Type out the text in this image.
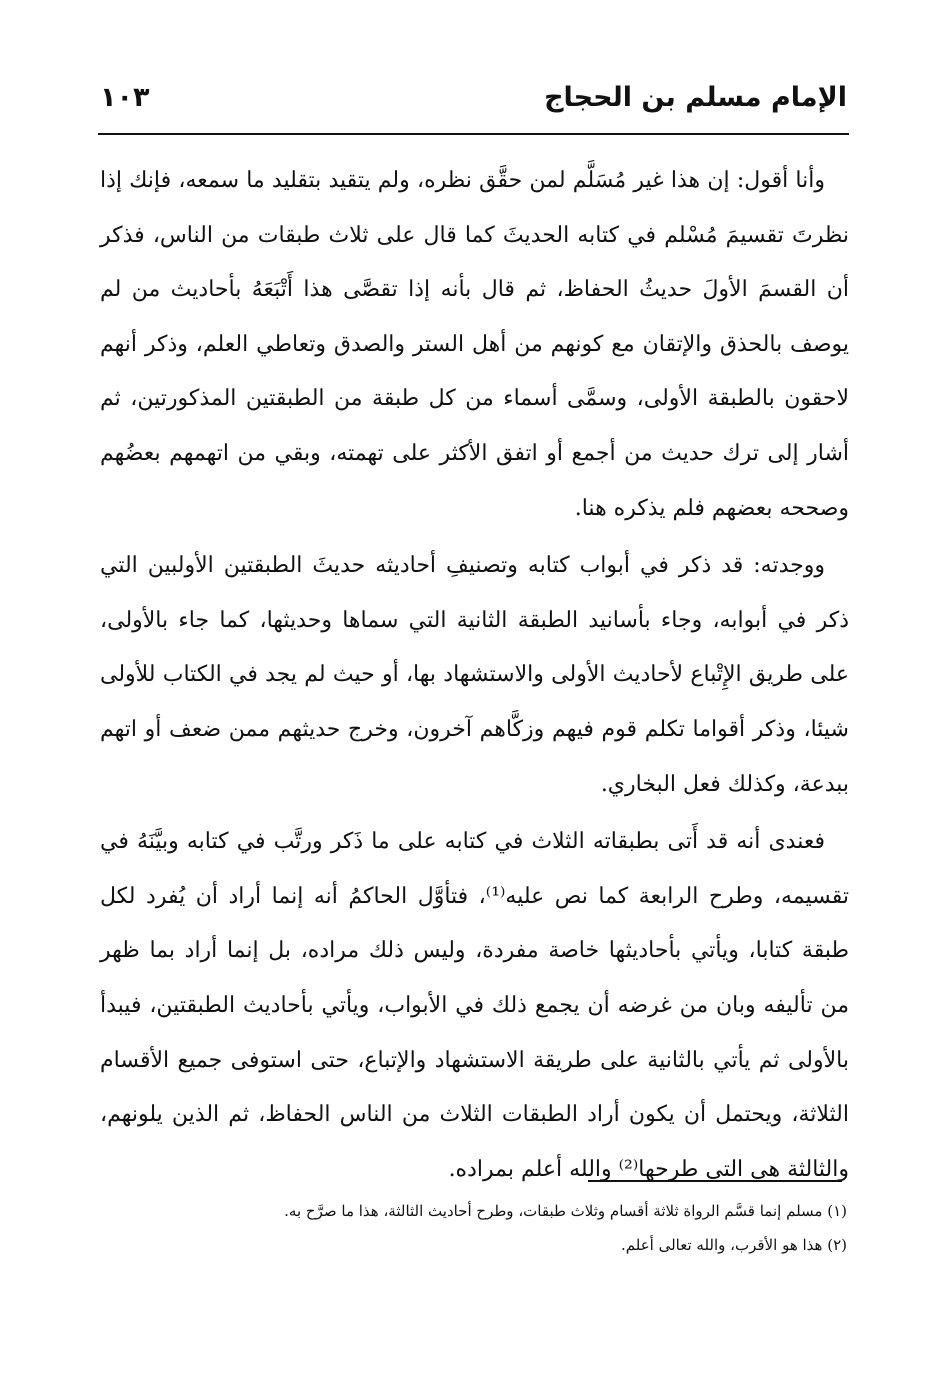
الإمام مسلم بن الحجاج
١٠٣

وأنا أقول: إن هذا غير مُسَلَّم لمن حقَّق نظره، ولم يتقيد بتقليد ما سمعه، فإنك إذا نظرتَ تقسيمَ مُسْلم في كتابه الحديثَ كما قال على ثلاث طبقات من الناس، فذكر أن القسمَ الأولَ حديثُ الحفاظ، ثم قال بأنه إذا تقصَّى هذا أَتْبَعَهُ بأحاديث من لم يوصف بالحذق والإتقان مع كونهم من أهل الستر والصدق وتعاطي العلم، وذكر أنهم لاحقون بالطبقة الأولى، وسمَّى أسماء من كل طبقة من الطبقتين المذكورتين، ثم أشار إلى ترك حديث من أجمع أو اتفق الأكثر على تهمته، وبقي من اتهمهم بعضُهم وصححه بعضهم فلم يذكره هنا.

ووجدته: قد ذكر في أبواب كتابه وتصنيفِ أحاديثه حديثَ الطبقتين الأولبين التي ذكر في أبوابه، وجاء بأسانيد الطبقة الثانية التي سماها وحديثها، كما جاء بالأولى، على طريق الإِتْباع لأحاديث الأولى والاستشهاد بها، أو حيث لم يجد في الكتاب للأولى شيئا، وذكر أقواما تكلم قوم فيهم وزكَّاهم آخرون، وخرج حديثهم ممن ضعف أو اتهم ببدعة، وكذلك فعل البخاري.

فعندى أنه قد أَتى بطبقاته الثلاث في كتابه على ما ذَكر ورتَّب في كتابه وبيَّنَهُ في تقسيمه، وطرح الرابعة كما نص عليه⁽¹⁾، فتأوَّل الحاكمُ أنه إنما أراد أن يُفرد لكل طبقة كتابا، ويأتي بأحاديثها خاصة مفردة، وليس ذلك مراده، بل إنما أراد بما ظهر من تأليفه وبان من غرضه أن يجمع ذلك في الأبواب، ويأتي بأحاديث الطبقتين، فيبدأ بالأولى ثم يأتي بالثانية على طريقة الاستشهاد والإتباع، حتى استوفى جميع الأقسام الثلاثة، ويحتمل أن يكون أراد الطبقات الثلاث من الناس الحفاظ، ثم الذين يلونهم، والثالثة هي التي طرحها⁽²⁾ والله أعلم بمراده.

(١) مسلم إنما قسَّم الرواة ثلاثة أقسام وثلاث طبقات، وطرح أحاديث الثالثة، هذا ما صرَّح به.
(٢) هذا هو الأقرب، والله تعالى أعلم.
